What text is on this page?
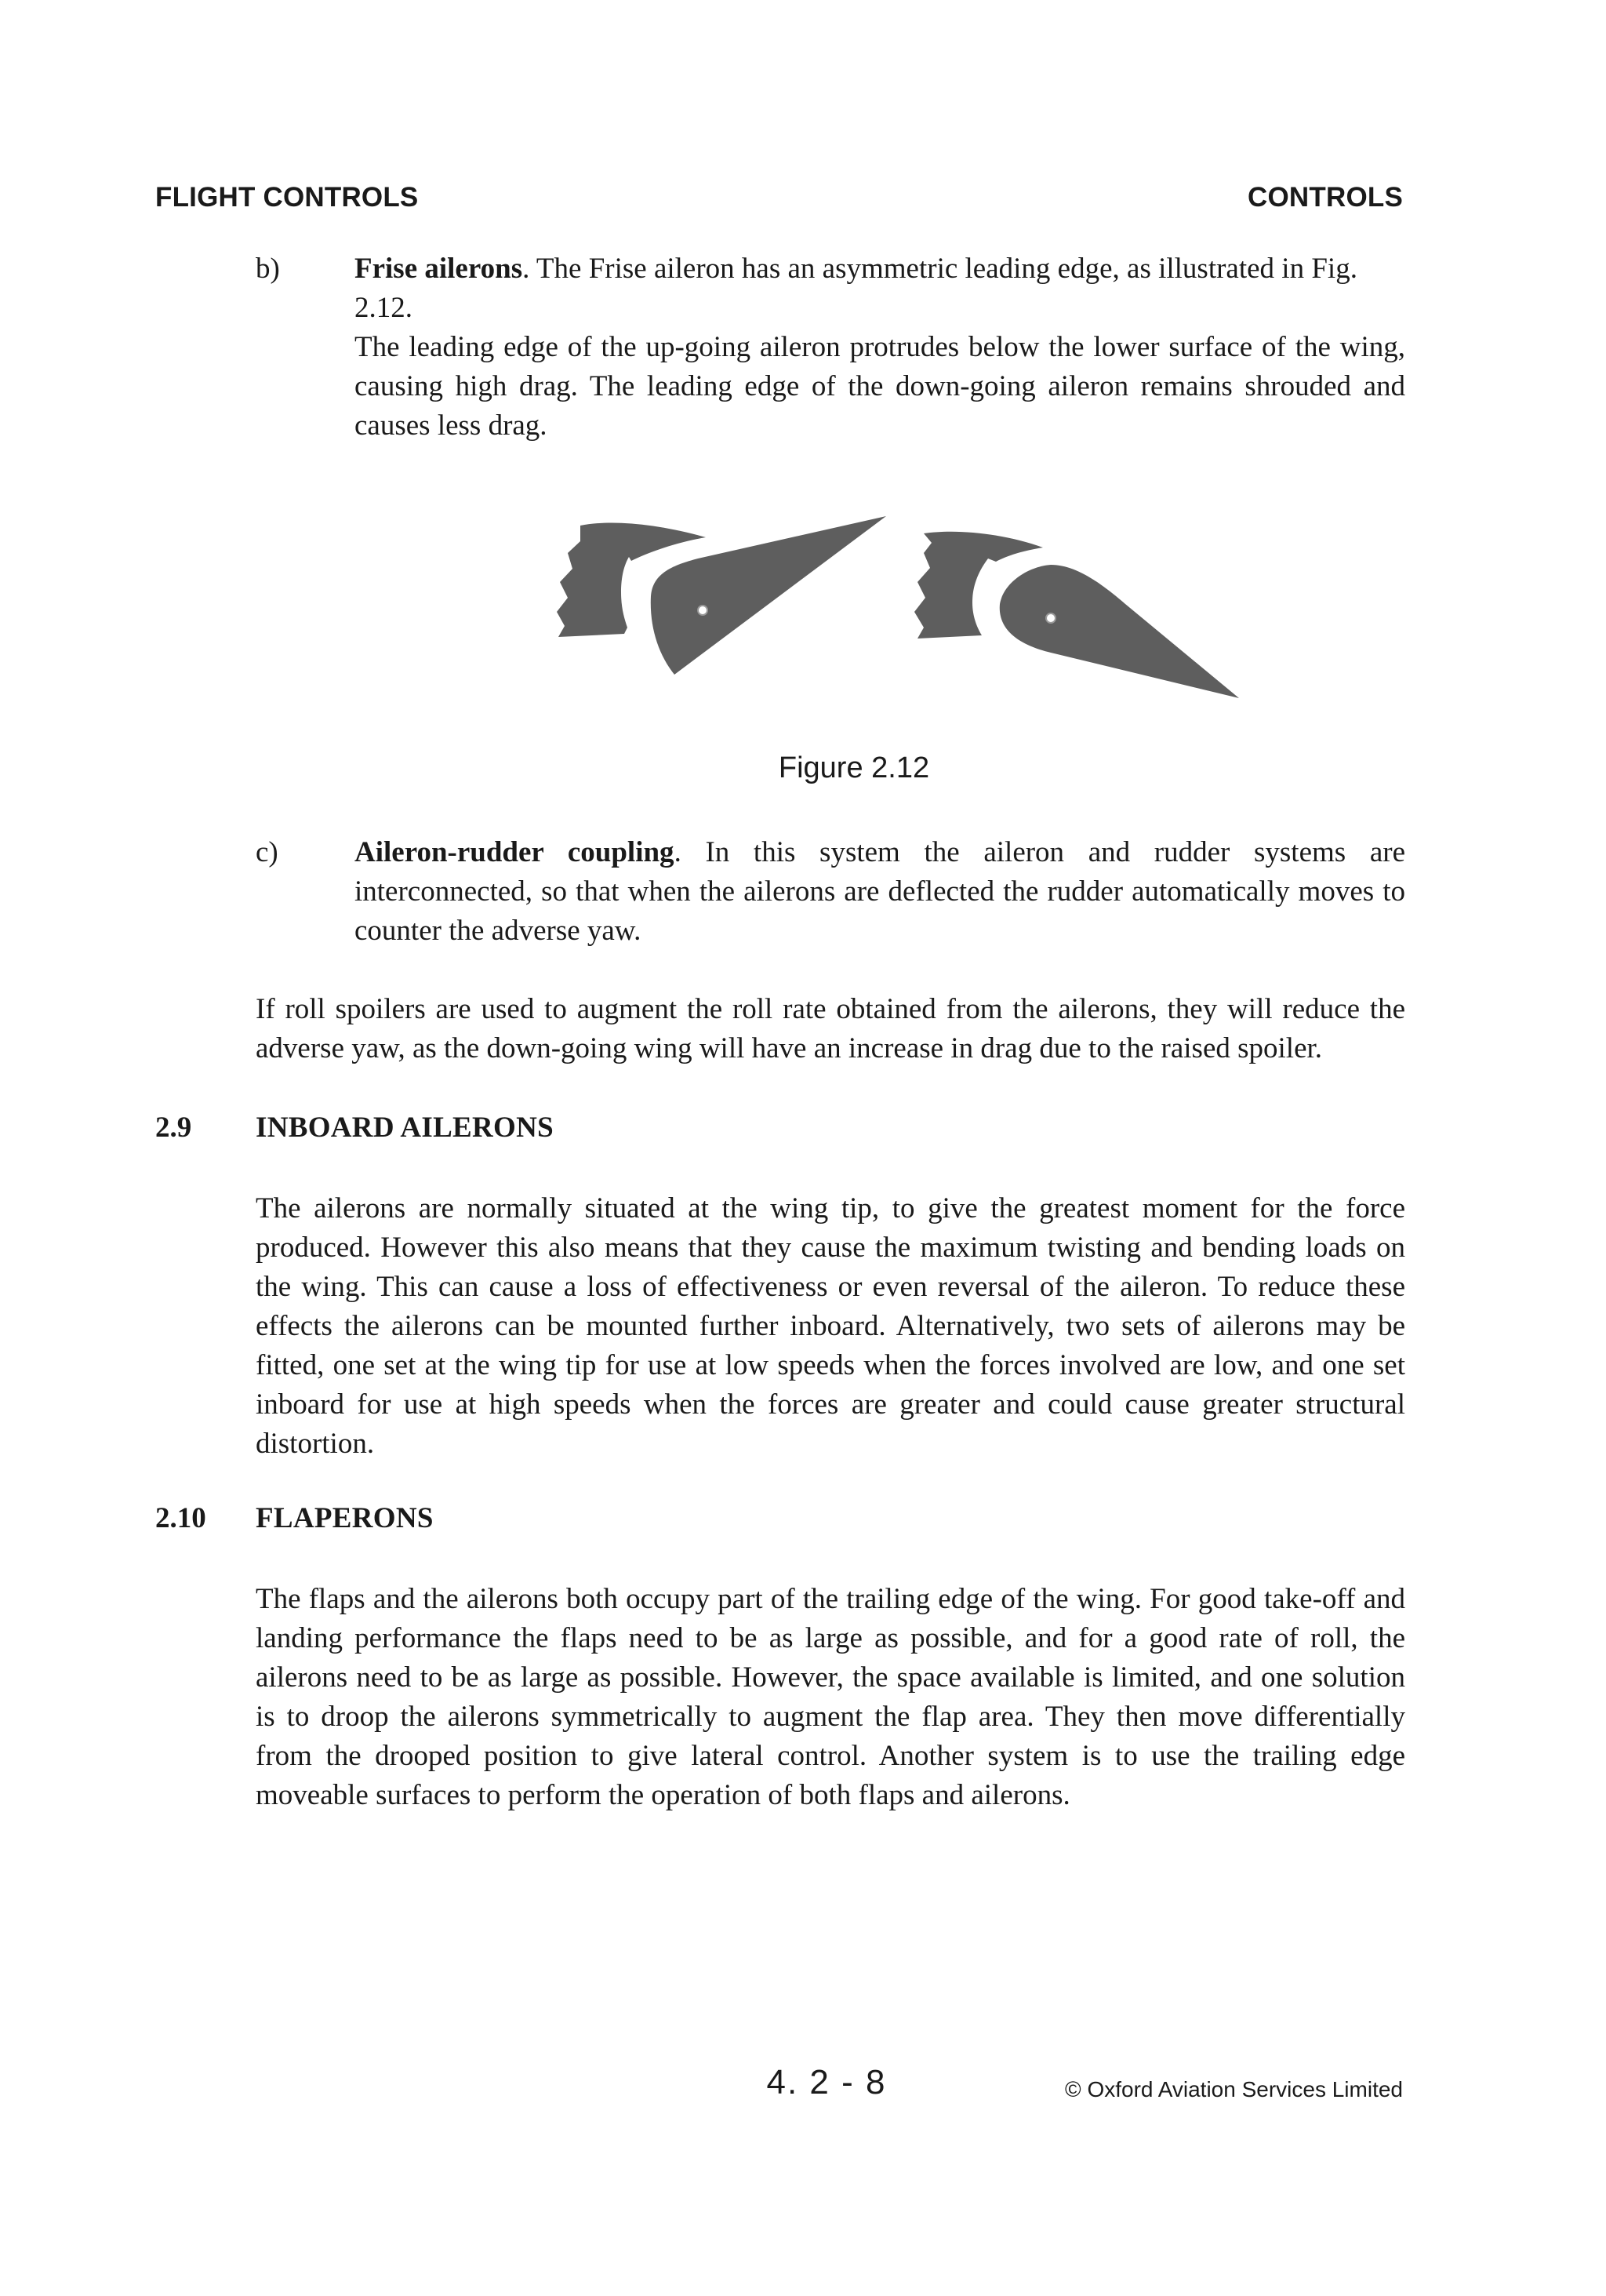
FLIGHT CONTROLS	CONTROLS
b)	Frise ailerons. The Frise aileron has an asymmetric leading edge, as illustrated in Fig.
2.12.
The leading edge of the up-going aileron protrudes below the lower surface of the wing, causing high drag. The leading edge of the down-going aileron remains shrouded and causes less drag.
Figure 2.12
c)	Aileron-rudder coupling. In this system the aileron and rudder systems are interconnected, so that when the ailerons are deflected the rudder automatically moves to counter the adverse yaw.
If roll spoilers are used to augment the roll rate obtained from the ailerons, they will reduce the adverse yaw, as the down-going wing will have an increase in drag due to the raised spoiler.
2.9 INBOARD AILERONS
The ailerons are normally situated at the wing tip, to give the greatest moment for the force produced. However this also means that they cause the maximum twisting and bending loads on the wing. This can cause a loss of effectiveness or even reversal of the aileron. To reduce these effects the ailerons can be mounted further inboard. Alternatively, two sets of ailerons may be fitted, one set at the wing tip for use at low speeds when the forces involved are low, and one set inboard for use at high speeds when the forces are greater and could cause greater structural distortion.
2.10 FLAPERONS
The flaps and the ailerons both occupy part of the trailing edge of the wing. For good take-off and landing performance the flaps need to be as large as possible, and for a good rate of roll, the ailerons need to be as large as possible. However, the space available is limited, and one solution is to droop the ailerons symmetrically to augment the flap area. They then move differentially from the drooped position to give lateral control. Another system is to use the trailing edge moveable surfaces to perform the operation of both flaps and ailerons.
4. 2 - 8	© Oxford Aviation Services Limited
